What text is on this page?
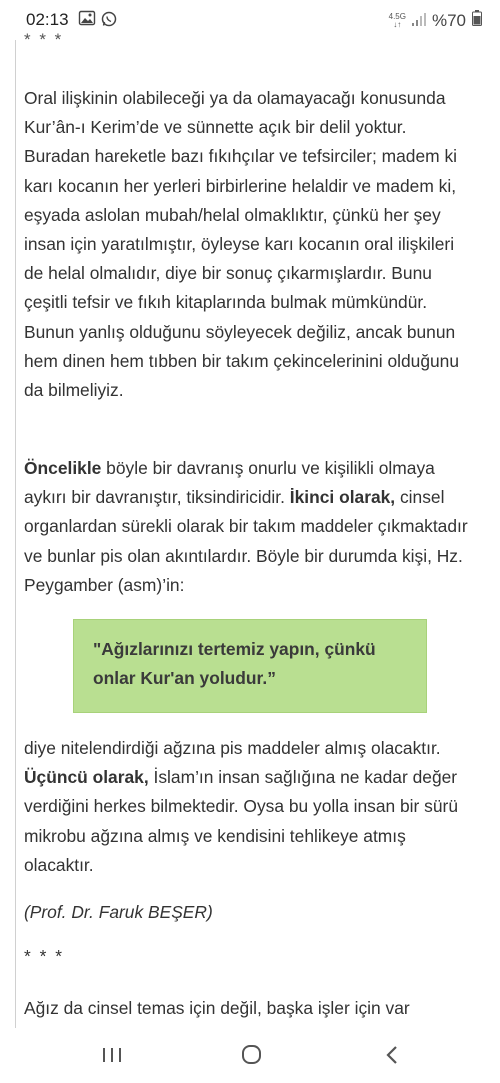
02:13	4.5G
↓↑ %70
* * *

Oral ilişkinin olabileceği ya da olamayacağı konusunda Kur’ân-ı Kerim’de ve sünnette açık bir delil yoktur. Buradan hareketle bazı fıkıhçılar ve tefsirciler; madem ki karı kocanın her yerleri birbirlerine helaldir ve madem ki, eşyada aslolan mubah/helal olmaklıktır, çünkü her şey insan için yaratılmıştır, öyleyse karı kocanın oral ilişkileri de helal olmalıdır, diye bir sonuç çıkarmışlardır. Bunu çeşitli tefsir ve fıkıh kitaplarında bulmak mümkündür. Bunun yanlış olduğunu söyleyecek değiliz, ancak bunun hem dinen hem tıbben bir takım çekincelerinini olduğunu da bilmeliyiz.

Öncelikle böyle bir davranış onurlu ve kişilikli olmaya aykırı bir davranıştır, tiksindiricidir. İkinci olarak, cinsel organlardan sürekli olarak bir takım maddeler çıkmaktadır ve bunlar pis olan akıntılardır. Böyle bir durumda kişi, Hz. Peygamber (asm)’in:

"Ağızlarınızı tertemiz yapın, çünkü onlar Kur'an yoludur.”

diye nitelendirdiği ağzına pis maddeler almış olacaktır. Üçüncü olarak, İslam’ın insan sağlığına ne kadar değer verdiğini herkes bilmektedir. Oysa bu yolla insan bir sürü mikrobu ağzına almış ve kendisini tehlikeye atmış olacaktır.

(Prof. Dr. Faruk BEŞER)
* * *

Ağız da cinsel temas için değil, başka işler için var
